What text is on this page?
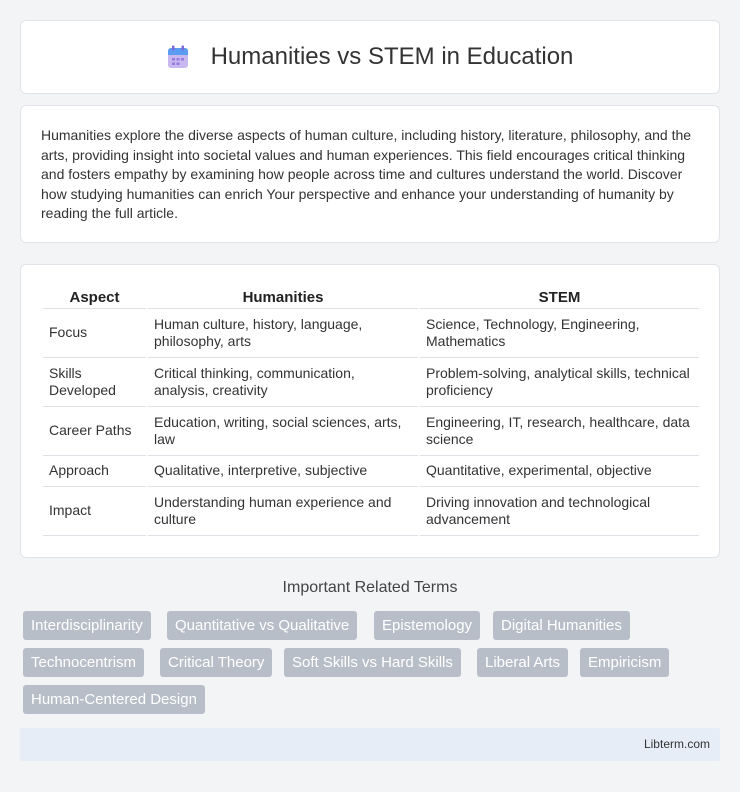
Humanities vs STEM in Education

Humanities explore the diverse aspects of human culture, including history, literature, philosophy, and the arts, providing insight into societal values and human experiences. This field encourages critical thinking and fosters empathy by examining how people across time and cultures understand the world. Discover how studying humanities can enrich Your perspective and enhance your understanding of humanity by reading the full article.

Aspect	Humanities	STEM
Focus	Human culture, history, language, philosophy, arts	Science, Technology, Engineering, Mathematics
Skills Developed	Critical thinking, communication, analysis, creativity	Problem-solving, analytical skills, technical proficiency
Career Paths	Education, writing, social sciences, arts, law	Engineering, IT, research, healthcare, data science
Approach	Qualitative, interpretive, subjective	Quantitative, experimental, objective
Impact	Understanding human experience and culture	Driving innovation and technological advancement
Important Related Terms
Interdisciplinarity	Quantitative vs Qualitative	Epistemology	Digital Humanities
Technocentrism	Critical Theory	Soft Skills vs Hard Skills	Liberal Arts	Empiricism
Human-Centered Design
Libterm.com
